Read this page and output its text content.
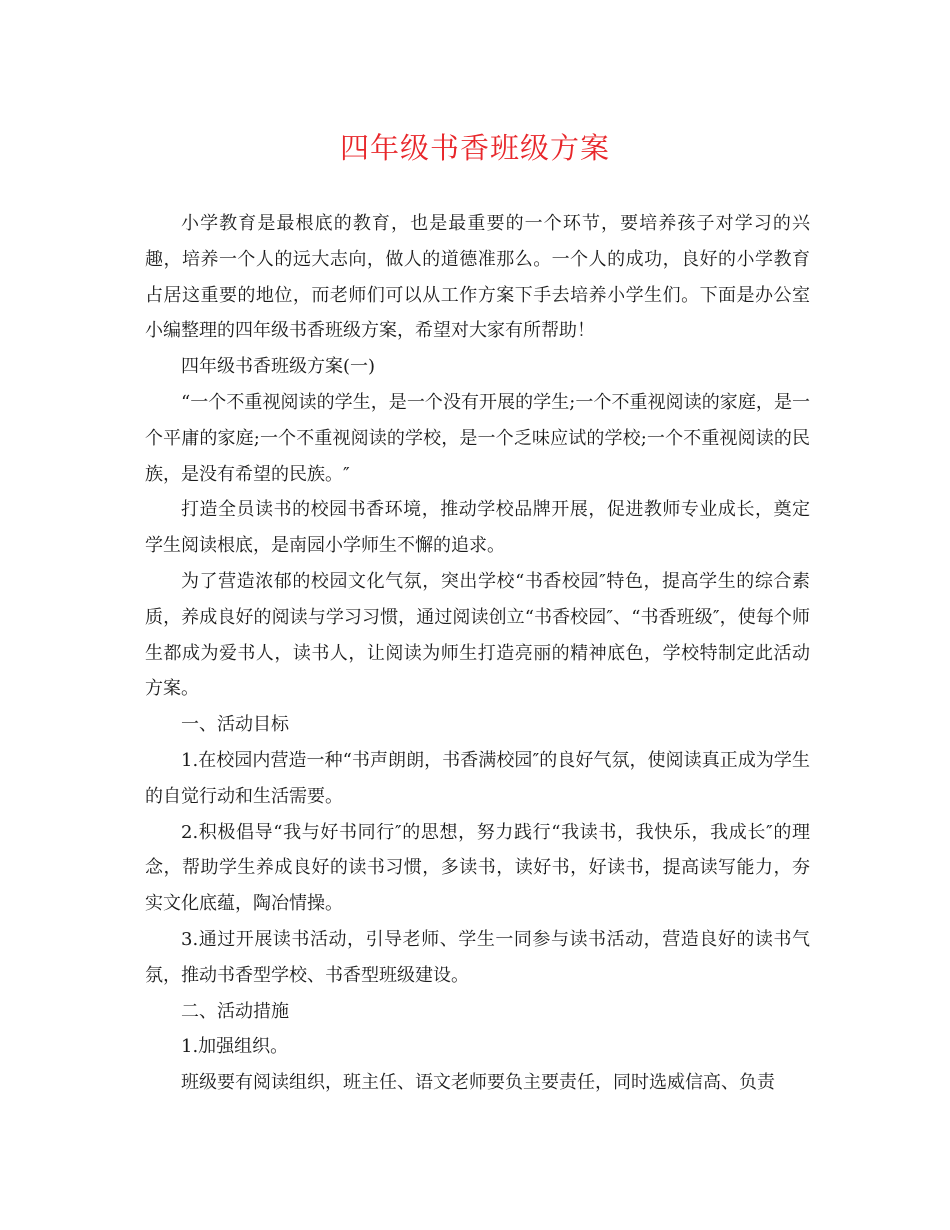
四年级书香班级方案

小学教育是最根底的教育，也是最重要的一个环节，要培养孩子对学习的兴趣，培养一个人的远大志向，做人的道德准那么。一个人的成功，良好的小学教育占居这重要的地位，而老师们可以从工作方案下手去培养小学生们。下面是办公室小编整理的四年级书香班级方案，希望对大家有所帮助！

四年级书香班级方案(一)

“一个不重视阅读的学生，是一个没有开展的学生;一个不重视阅读的家庭，是一个平庸的家庭;一个不重视阅读的学校，是一个乏味应试的学校;一个不重视阅读的民族，是没有希望的民族。″

打造全员读书的校园书香环境，推动学校品牌开展，促进教师专业成长，奠定学生阅读根底，是南园小学师生不懈的追求。

为了营造浓郁的校园文化气氛，突出学校“书香校园″特色，提高学生的综合素质，养成良好的阅读与学习习惯，通过阅读创立“书香校园″、“书香班级″，使每个师生都成为爱书人，读书人，让阅读为师生打造亮丽的精神底色，学校特制定此活动方案。

一、活动目标

1.在校园内营造一种“书声朗朗，书香满校园″的良好气氛，使阅读真正成为学生的自觉行动和生活需要。

2.积极倡导“我与好书同行″的思想，努力践行“我读书，我快乐，我成长″的理念，帮助学生养成良好的读书习惯，多读书，读好书，好读书，提高读写能力，夯实文化底蕴，陶冶情操。

3.通过开展读书活动，引导老师、学生一同参与读书活动，营造良好的读书气氛，推动书香型学校、书香型班级建设。

二、活动措施

1.加强组织。

班级要有阅读组织，班主任、语文老师要负主要责任，同时选威信高、负责
